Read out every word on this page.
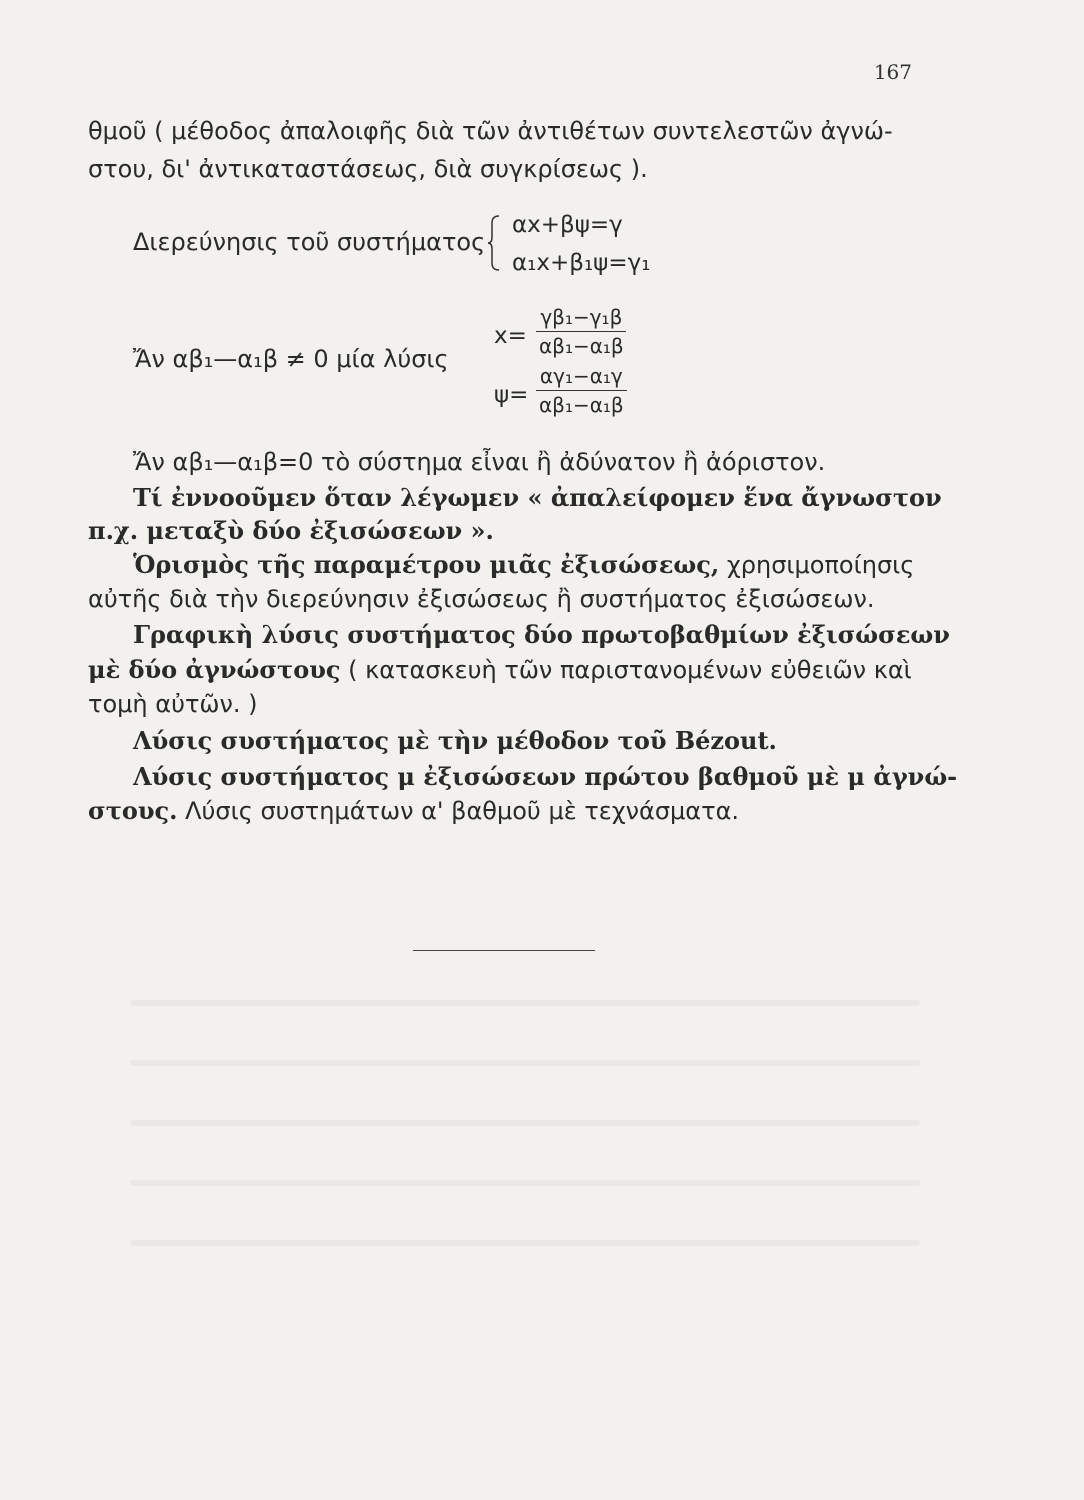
167
θμοῦ ( μέθοδος ἀπαλοιφῆς διὰ τῶν ἀντιθέτων συντελεστῶν ἀγνώ-
στου, δι' ἀντικαταστάσεως, διὰ συγκρίσεως ).
Διερεύνησις τοῦ συστήματος
αx+βψ=γ
α₁x+β₁ψ=γ₁
Ἄν αβ₁—α₁β ≠ 0 μία λύσις
$x= \frac{\text{γβ₁−γ₁β}}{\text{αβ₁−α₁β}}$
$\psi= \frac{\text{αγ₁−α₁γ}}{\text{αβ₁−α₁β}}$
Ἄν αβ₁—α₁β=0 τὸ σύστημα εἶναι ἢ ἀδύνατον ἢ ἀόριστον.
Τί ἐννοοῦμεν ὅταν λέγωμεν « ἀπαλείφομεν ἕνα ἄγνωστον
π.χ. μεταξὺ δύο ἐξισώσεων ».
Ὁρισμὸς τῆς παραμέτρου μιᾶς ἐξισώσεως, χρησιμοποίησις
αὐτῆς διὰ τὴν διερεύνησιν ἐξισώσεως ἢ συστήματος ἐξισώσεων.
Γραφικὴ λύσις συστήματος δύο πρωτοβαθμίων ἐξισώσεων
μὲ δύο ἀγνώστους ( κατασκευὴ τῶν παριστανομένων εὐθειῶν καὶ
τομὴ αὐτῶν. )
Λύσις συστήματος μὲ τὴν μέθοδον τοῦ Bézout.
Λύσις συστήματος μ ἐξισώσεων πρώτου βαθμοῦ μὲ μ ἀγνώ-
στους. Λύσις συστημάτων α' βαθμοῦ μὲ τεχνάσματα.
